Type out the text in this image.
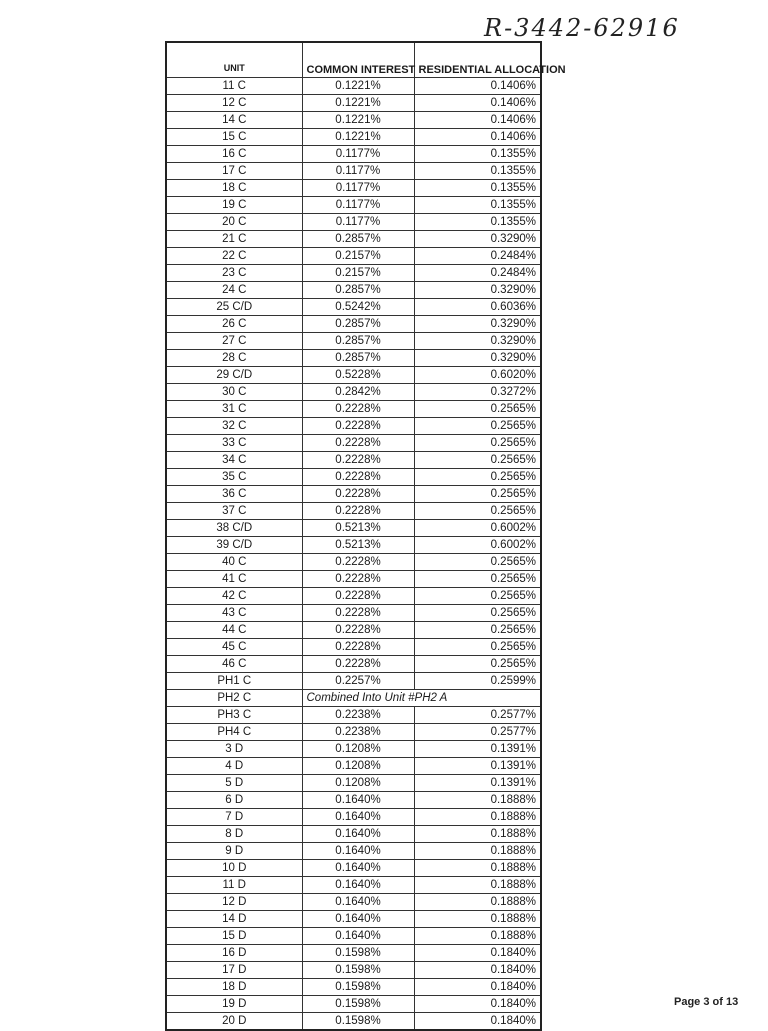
R-3442-62916
UNIT	COMMON INTEREST	RESIDENTIAL ALLOCATION
11 C	0.1221%	0.1406%
12 C	0.1221%	0.1406%
14 C	0.1221%	0.1406%
15 C	0.1221%	0.1406%
16 C	0.1177%	0.1355%
17 C	0.1177%	0.1355%
18 C	0.1177%	0.1355%
19 C	0.1177%	0.1355%
20 C	0.1177%	0.1355%
21 C	0.2857%	0.3290%
22 C	0.2157%	0.2484%
23 C	0.2157%	0.2484%
24 C	0.2857%	0.3290%
25 C/D	0.5242%	0.6036%
26 C	0.2857%	0.3290%
27 C	0.2857%	0.3290%
28 C	0.2857%	0.3290%
29 C/D	0.5228%	0.6020%
30 C	0.2842%	0.3272%
31 C	0.2228%	0.2565%
32 C	0.2228%	0.2565%
33 C	0.2228%	0.2565%
34 C	0.2228%	0.2565%
35 C	0.2228%	0.2565%
36 C	0.2228%	0.2565%
37 C	0.2228%	0.2565%
38 C/D	0.5213%	0.6002%
39 C/D	0.5213%	0.6002%
40 C	0.2228%	0.2565%
41 C	0.2228%	0.2565%
42 C	0.2228%	0.2565%
43 C	0.2228%	0.2565%
44 C	0.2228%	0.2565%
45 C	0.2228%	0.2565%
46 C	0.2228%	0.2565%
PH1 C	0.2257%	0.2599%
PH2 C	Combined Into Unit #PH2 A	
PH3 C	0.2238%	0.2577%
PH4 C	0.2238%	0.2577%
3 D	0.1208%	0.1391%
4 D	0.1208%	0.1391%
5 D	0.1208%	0.1391%
6 D	0.1640%	0.1888%
7 D	0.1640%	0.1888%
8 D	0.1640%	0.1888%
9 D	0.1640%	0.1888%
10 D	0.1640%	0.1888%
11 D	0.1640%	0.1888%
12 D	0.1640%	0.1888%
14 D	0.1640%	0.1888%
15 D	0.1640%	0.1888%
16 D	0.1598%	0.1840%
17 D	0.1598%	0.1840%
18 D	0.1598%	0.1840%
19 D	0.1598%	0.1840%
20 D	0.1598%	0.1840%
Page 3 of 13
